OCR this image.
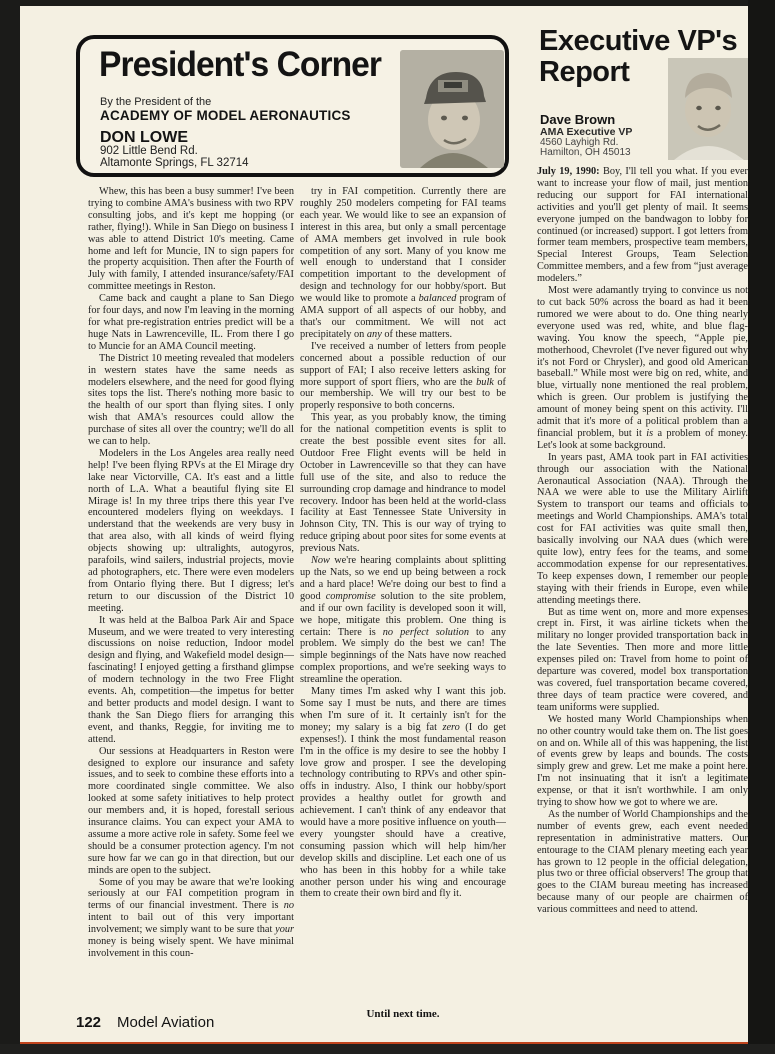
President's Corner
By the President of the
ACADEMY OF MODEL AERONAUTICS
DON LOWE
902 Little Bend Rd.
Altamonte Springs, FL 32714

Whew, this has been a busy summer! I've been trying to combine AMA's business with two RPV consulting jobs, and it's kept me hopping (or rather, flying!). While in San Diego on business I was able to attend District 10's meeting. Came home and left for Muncie, IN to sign papers for the property acquisition. Then after the Fourth of July with family, I attended insurance/safety/FAI committee meetings in Reston.

Came back and caught a plane to San Diego for four days, and now I'm leaving in the morning for what pre-registration entries predict will be a huge Nats in Lawrenceville, IL. From there I go to Muncie for an AMA Council meeting.

The District 10 meeting revealed that modelers in western states have the same needs as modelers elsewhere, and the need for good flying sites tops the list. There's nothing more basic to the health of our sport than flying sites. I only wish that AMA's resources could allow the purchase of sites all over the country; we'll do all we can to help.

Modelers in the Los Angeles area really need help! I've been flying RPVs at the El Mirage dry lake near Victorville, CA. It's east and a little north of L.A. What a beautiful flying site El Mirage is! In my three trips there this year I've encountered modelers flying on weekdays. I understand that the weekends are very busy in that area also, with all kinds of weird flying objects showing up: ultralights, autogyros, parafoils, wind sailers, industrial projects, movie ad photographers, etc. There were even modelers from Ontario flying there. But I digress; let's return to our discussion of the District 10 meeting.

It was held at the Balboa Park Air and Space Museum, and we were treated to very interesting discussions on noise reduction, Indoor model design and flying, and Wakefield model design—fascinating! I enjoyed getting a firsthand glimpse of modern technology in the two Free Flight events. Ah, competition—the impetus for better and better products and model design. I want to thank the San Diego fliers for arranging this event, and thanks, Reggie, for inviting me to attend.

Our sessions at Headquarters in Reston were designed to explore our insurance and safety issues, and to seek to combine these efforts into a more coordinated single committee. We also looked at some safety initiatives to help protect our members and, it is hoped, forestall serious insurance claims. You can expect your AMA to assume a more active role in safety. Some feel we should be a consumer protection agency. I'm not sure how far we can go in that direction, but our minds are open to the subject.

Some of you may be aware that we're looking seriously at our FAI competition program in terms of our financial investment. There is no intent to bail out of this very important involvement; we simply want to be sure that your money is being wisely spent. We have minimal involvement in this coun-

try in FAI competition. Currently there are roughly 250 modelers competing for FAI teams each year. We would like to see an expansion of interest in this area, but only a small percentage of AMA members get involved in rule book competition of any sort. Many of you know me well enough to understand that I consider competition important to the development of design and technology for our hobby/sport. But we would like to promote a balanced program of AMA support of all aspects of our hobby, and that's our commitment. We will not act precipitately on any of these matters.

I've received a number of letters from people concerned about a possible reduction of our support of FAI; I also receive letters asking for more support of sport fliers, who are the bulk of our membership. We will try our best to be properly responsive to both concerns.

This year, as you probably know, the timing for the national competition events is split to create the best possible event sites for all. Outdoor Free Flight events will be held in October in Lawrenceville so that they can have full use of the site, and also to reduce the surrounding crop damage and hindrance to model recovery. Indoor has been held at the world-class facility at East Tennessee State University in Johnson City, TN. This is our way of trying to reduce griping about poor sites for some events at previous Nats.

Now we're hearing complaints about splitting up the Nats, so we end up being between a rock and a hard place! We're doing our best to find a good compromise solution to the site problem, and if our own facility is developed soon it will, we hope, mitigate this problem. One thing is certain: There is no perfect solution to any problem. We simply do the best we can! The simple beginnings of the Nats have now reached complex proportions, and we're seeking ways to streamline the operation.

Many times I'm asked why I want this job. Some say I must be nuts, and there are times when I'm sure of it. It certainly isn't for the money; my salary is a big fat zero (I do get expenses!). I think the most fundamental reason I'm in the office is my desire to see the hobby I love grow and prosper. I see the developing technology contributing to RPVs and other spin-offs in industry. Also, I think our hobby/sport provides a healthy outlet for growth and achievement. I can't think of any endeavor that would have a more positive influence on youth—every youngster should have a creative, consuming passion which will help him/her develop skills and discipline. Let each one of us who has been in this hobby for a while take another person under his wing and encourage them to create their own bird and fly it.

Until next time.
Executive VP's
Report
Dave Brown
AMA Executive VP
4560 Layhigh Rd.
Hamilton, OH 45013

July 19, 1990: Boy, I'll tell you what. If you ever want to increase your flow of mail, just mention reducing our support for FAI international activities and you'll get plenty of mail. It seems everyone jumped on the bandwagon to lobby for continued (or increased) support. I got letters from former team members, prospective team members, Special Interest Groups, Team Selection Committee members, and a few from “just average modelers.”

Most were adamantly trying to convince us not to cut back 50% across the board as had it been rumored we were about to do. One thing nearly everyone used was red, white, and blue flag-waving. You know the speech, “Apple pie, motherhood, Chevrolet (I've never figured out why it's not Ford or Chrysler), and good old American baseball.” While most were big on red, white, and blue, virtually none mentioned the real problem, which is green. Our problem is justifying the amount of money being spent on this activity. I'll admit that it's more of a political problem than a financial problem, but it is a problem of money. Let's look at some background.

In years past, AMA took part in FAI activities through our association with the National Aeronautical Association (NAA). Through the NAA we were able to use the Military Airlift System to transport our teams and officials to meetings and World Championships. AMA's total cost for FAI activities was quite small then, basically involving our NAA dues (which were quite low), entry fees for the teams, and some accommodation expense for our representatives. To keep expenses down, I remember our people staying with their friends in Europe, even while attending meetings there.

But as time went on, more and more expenses crept in. First, it was airline tickets when the military no longer provided transportation back in the late Seventies. Then more and more little expenses piled on: Travel from home to point of departure was covered, model box transportation was covered, fuel transportation became covered, three days of team practice were covered, and team uniforms were supplied.

We hosted many World Championships when no other country would take them on. The list goes on and on. While all of this was happening, the list of events grew by leaps and bounds. The costs simply grew and grew. Let me make a point here. I'm not insinuating that it isn't a legitimate expense, or that it isn't worthwhile. I am only trying to show how we got to where we are.

As the number of World Championships and the number of events grew, each event needed representation in administrative matters. Our entourage to the CIAM plenary meeting each year has grown to 12 people in the official delegation, plus two or three official observers! The group that goes to the CIAM bureau meeting has increased because many of our people are chairmen of various committees and need to attend.

122 Model Aviation
